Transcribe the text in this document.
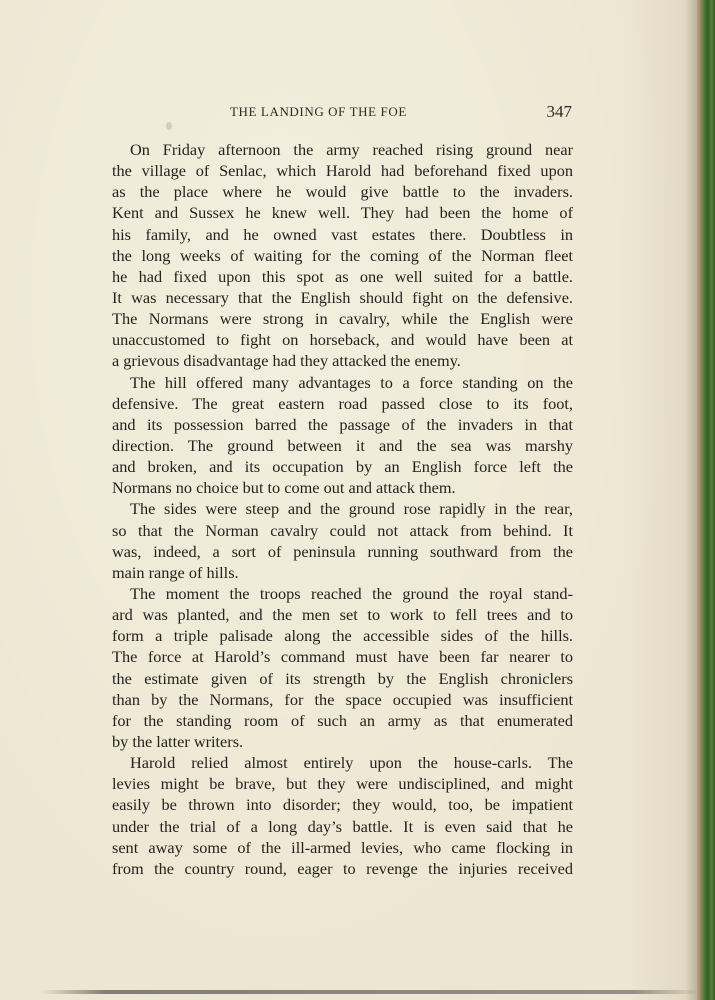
THE LANDING OF THE FOE	347
On Friday afternoon the army reached rising ground near
the village of Senlac, which Harold had beforehand fixed upon
as the place where he would give battle to the invaders.
Kent and Sussex he knew well. They had been the home of
his family, and he owned vast estates there. Doubtless in
the long weeks of waiting for the coming of the Norman fleet
he had fixed upon this spot as one well suited for a battle.
It was necessary that the English should fight on the defensive.
The Normans were strong in cavalry, while the English were
unaccustomed to fight on horseback, and would have been at
a grievous disadvantage had they attacked the enemy.
The hill offered many advantages to a force standing on the
defensive. The great eastern road passed close to its foot,
and its possession barred the passage of the invaders in that
direction. The ground between it and the sea was marshy
and broken, and its occupation by an English force left the
Normans no choice but to come out and attack them.
The sides were steep and the ground rose rapidly in the rear,
so that the Norman cavalry could not attack from behind. It
was, indeed, a sort of peninsula running southward from the
main range of hills.
The moment the troops reached the ground the royal stand-
ard was planted, and the men set to work to fell trees and to
form a triple palisade along the accessible sides of the hills.
The force at Harold’s command must have been far nearer to
the estimate given of its strength by the English chroniclers
than by the Normans, for the space occupied was insufficient
for the standing room of such an army as that enumerated
by the latter writers.
Harold relied almost entirely upon the house-carls. The
levies might be brave, but they were undisciplined, and might
easily be thrown into disorder; they would, too, be impatient
under the trial of a long day’s battle. It is even said that he
sent away some of the ill-armed levies, who came flocking in
from the country round, eager to revenge the injuries received
